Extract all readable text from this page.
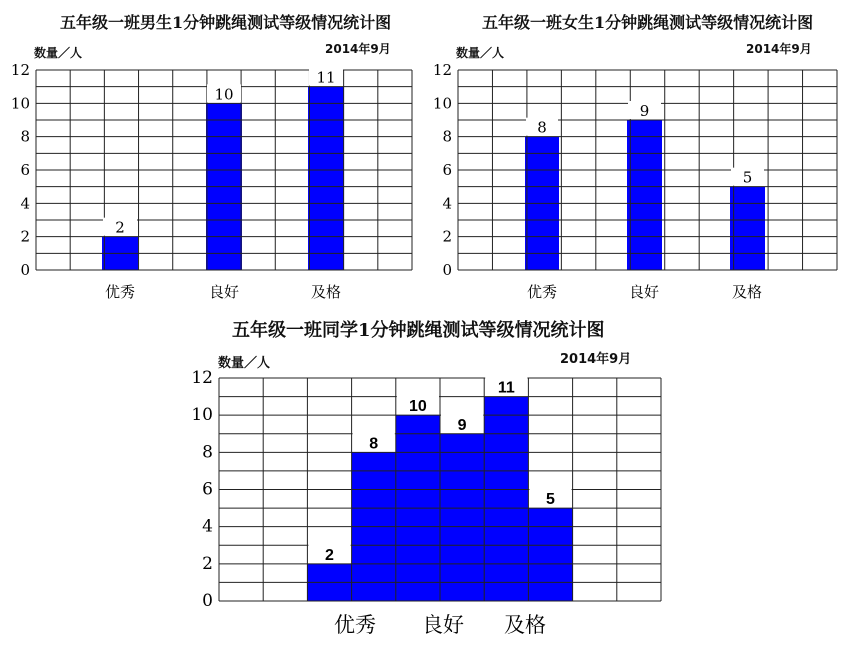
五年级一班男生1分钟跳绳测试等级情况统计图
数量／人	2014年9月
2
10
11
0
2
4
6
8
10
12
优秀	良好	及格
五年级一班女生1分钟跳绳测试等级情况统计图
数量／人	2014年9月
8
9
5
0
2
4
6
8
10
12
优秀	良好	及格
五年级一班同学1分钟跳绳测试等级情况统计图
数量／人	2014年9月
2
8
10
9
11
5
0
2
4
6
8
10
12
优秀 良好 及格
